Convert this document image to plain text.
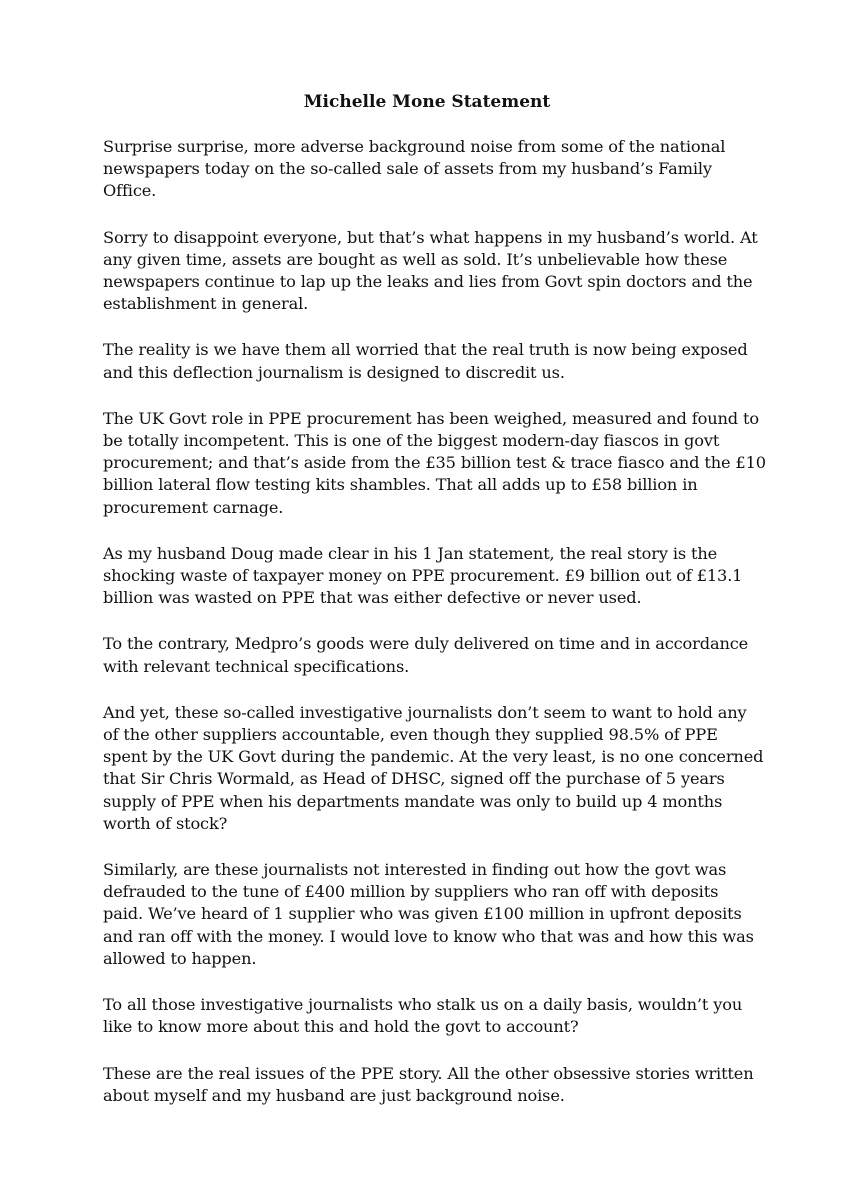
Michelle Mone Statement

Surprise surprise, more adverse background noise from some of the national
newspapers today on the so-called sale of assets from my husband’s Family
Office.

Sorry to disappoint everyone, but that’s what happens in my husband’s world. At
any given time, assets are bought as well as sold. It’s unbelievable how these
newspapers continue to lap up the leaks and lies from Govt spin doctors and the
establishment in general.

The reality is we have them all worried that the real truth is now being exposed
and this deflection journalism is designed to discredit us.

The UK Govt role in PPE procurement has been weighed, measured and found to
be totally incompetent. This is one of the biggest modern-day fiascos in govt
procurement; and that’s aside from the £35 billion test & trace fiasco and the £10
billion lateral flow testing kits shambles. That all adds up to £58 billion in
procurement carnage.

As my husband Doug made clear in his 1 Jan statement, the real story is the
shocking waste of taxpayer money on PPE procurement. £9 billion out of £13.1
billion was wasted on PPE that was either defective or never used.

To the contrary, Medpro’s goods were duly delivered on time and in accordance
with relevant technical specifications.

And yet, these so-called investigative journalists don’t seem to want to hold any
of the other suppliers accountable, even though they supplied 98.5% of PPE
spent by the UK Govt during the pandemic. At the very least, is no one concerned
that Sir Chris Wormald, as Head of DHSC, signed off the purchase of 5 years
supply of PPE when his departments mandate was only to build up 4 months
worth of stock?

Similarly, are these journalists not interested in finding out how the govt was
defrauded to the tune of £400 million by suppliers who ran off with deposits
paid. We’ve heard of 1 supplier who was given £100 million in upfront deposits
and ran off with the money. I would love to know who that was and how this was
allowed to happen.

To all those investigative journalists who stalk us on a daily basis, wouldn’t you
like to know more about this and hold the govt to account?

These are the real issues of the PPE story. All the other obsessive stories written
about myself and my husband are just background noise.
